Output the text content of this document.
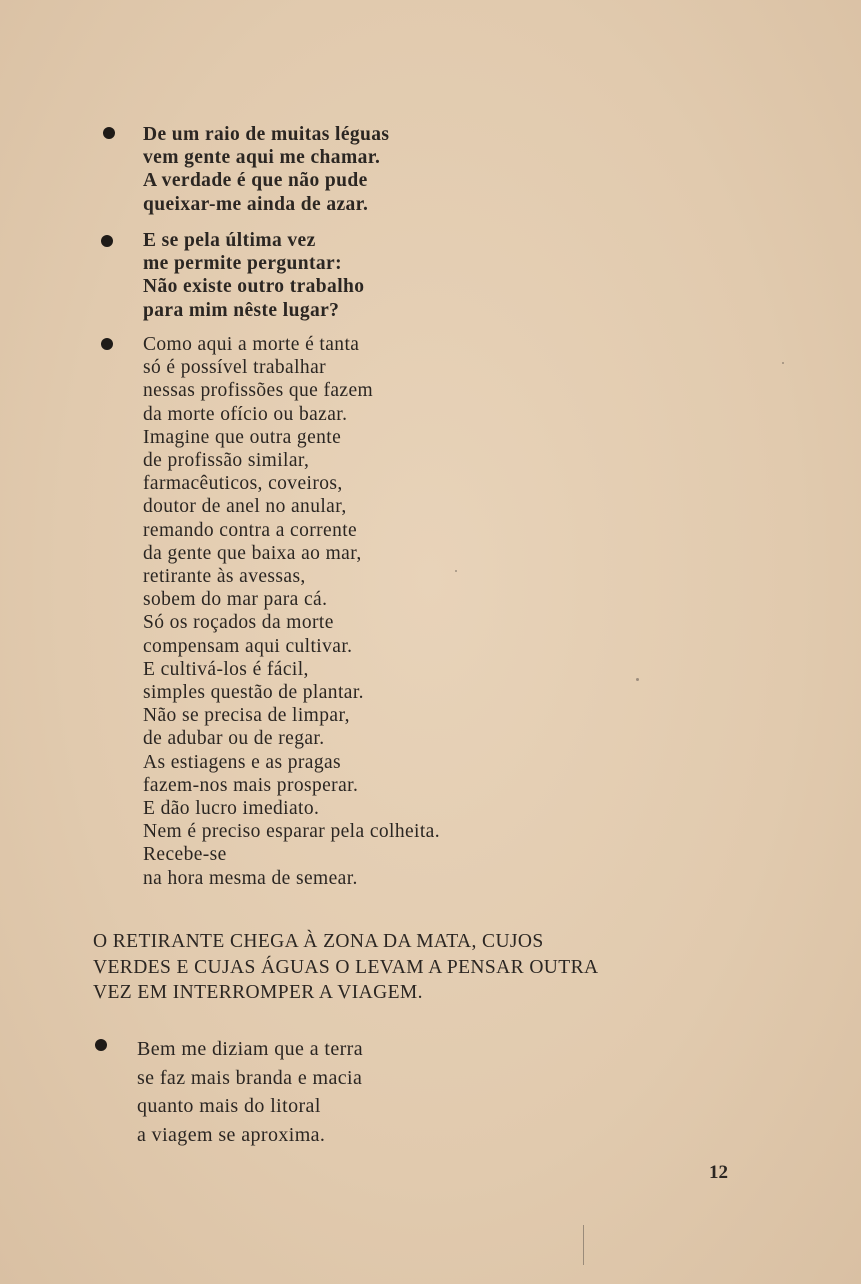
De um raio de muitas léguas
vem gente aqui me chamar.
A verdade é que não pude
queixar-me ainda de azar.
E se pela última vez
me permite perguntar:
Não existe outro trabalho
para mim nêste lugar?
Como aqui a morte é tanta
só é possível trabalhar
nessas profissões que fazem
da morte ofício ou bazar.
Imagine que outra gente
de profissão similar,
farmacêuticos, coveiros,
doutor de anel no anular,
remando contra a corrente
da gente que baixa ao mar,
retirante às avessas,
sobem do mar para cá.
Só os roçados da morte
compensam aqui cultivar.
E cultivá-los é fácil,
simples questão de plantar.
Não se precisa de limpar,
de adubar ou de regar.
As estiagens e as pragas
fazem-nos mais prosperar.
E dão lucro imediato.
Nem é preciso esparar pela colheita.
Recebe-se
na hora mesma de semear.
O RETIRANTE CHEGA À ZONA DA MATA, CUJOS
VERDES E CUJAS ÁGUAS O LEVAM A PENSAR OUTRA
VEZ EM INTERROMPER A VIAGEM.
Bem me diziam que a terra
se faz mais branda e macia
quanto mais do litoral
a viagem se aproxima.
12
